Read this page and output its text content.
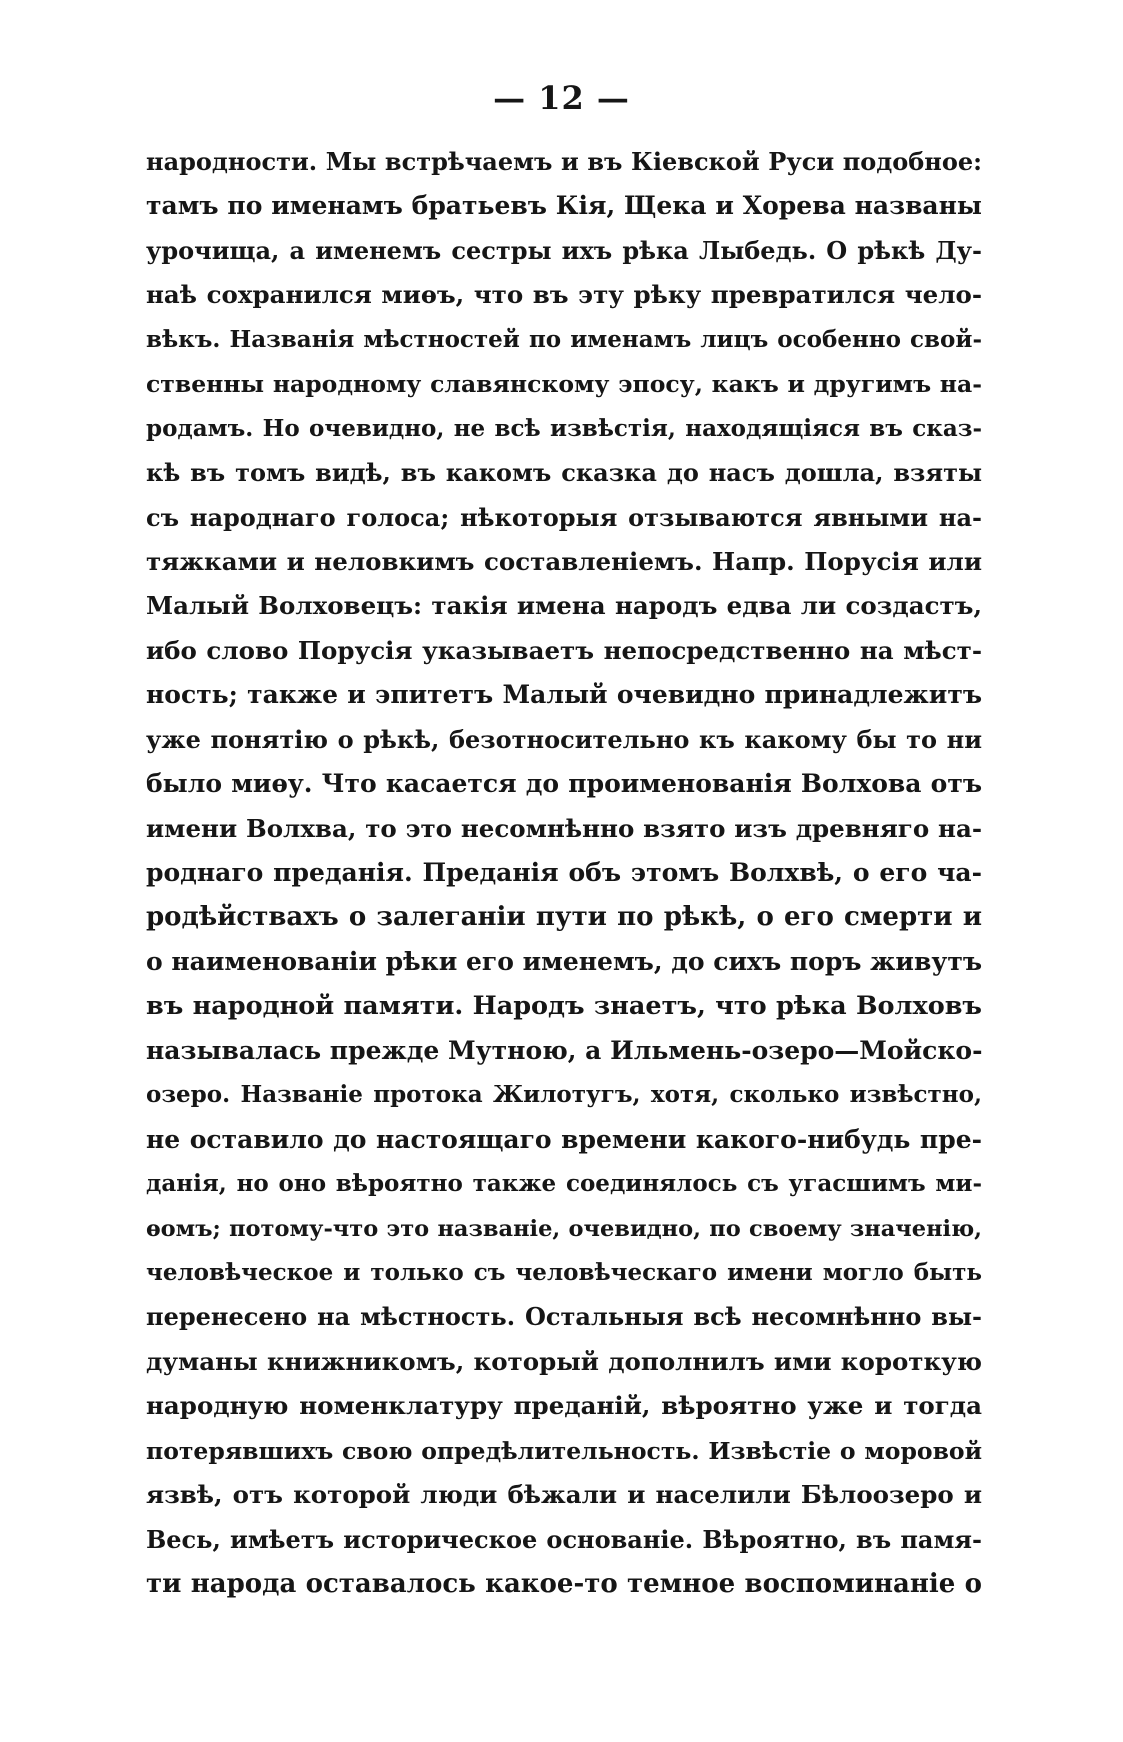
— 12 —
народности. Мы встрѣчаемъ и въ Кіевской Руси подобное:
тамъ по именамъ братьевъ Кія, Щека и Хорева названы
урочища, а именемъ сестры ихъ рѣка Лыбедь. О рѣкѣ Ду-
наѣ сохранился миѳъ, что въ эту рѣку превратился чело-
вѣкъ. Названія мѣстностей по именамъ лицъ особенно свой-
ственны народному славянскому эпосу, какъ и другимъ на-
родамъ. Но очевидно, не всѣ извѣстія, находящіяся въ сказ-
кѣ въ томъ видѣ, въ какомъ сказка до насъ дошла, взяты
съ народнаго голоса; нѣкоторыя отзываются явными на-
тяжками и неловкимъ составленіемъ. Напр. Порусія или
Малый Волховецъ: такія имена народъ едва ли создастъ,
ибо слово Порусія указываетъ непосредственно на мѣст-
ность; также и эпитетъ Малый очевидно принадлежитъ
уже понятію о рѣкѣ, безотносительно къ какому бы то ни
было миѳу. Что касается до проименованія Волхова отъ
имени Волхва, то это несомнѣнно взято изъ древняго на-
роднаго преданія. Преданія объ этомъ Волхвѣ, о его ча-
родѣйствахъ о залеганіи пути по рѣкѣ, о его смерти и
о наименованіи рѣки его именемъ, до сихъ поръ живутъ
въ народной памяти. Народъ знаетъ, что рѣка Волховъ
называлась прежде Мутною, а Ильмень-озеро—Мойско-
озеро. Названіе протока Жилотугъ, хотя, сколько извѣстно,
не оставило до настоящаго времени какого-нибудь пре-
данія, но оно вѣроятно также соединялось съ угасшимъ ми-
ѳомъ; потому-что это названіе, очевидно, по своему значенію,
человѣческое и только съ человѣческаго имени могло быть
перенесено на мѣстность. Остальныя всѣ несомнѣнно вы-
думаны книжникомъ, который дополнилъ ими короткую
народную номенклатуру преданій, вѣроятно уже и тогда
потерявшихъ свою опредѣлительность. Извѣстіе о моровой
язвѣ, отъ которой люди бѣжали и населили Бѣлоозеро и
Весь, имѣетъ историческое основаніе. Вѣроятно, въ памя-
ти народа оставалось какое-то темное воспоминаніе о
